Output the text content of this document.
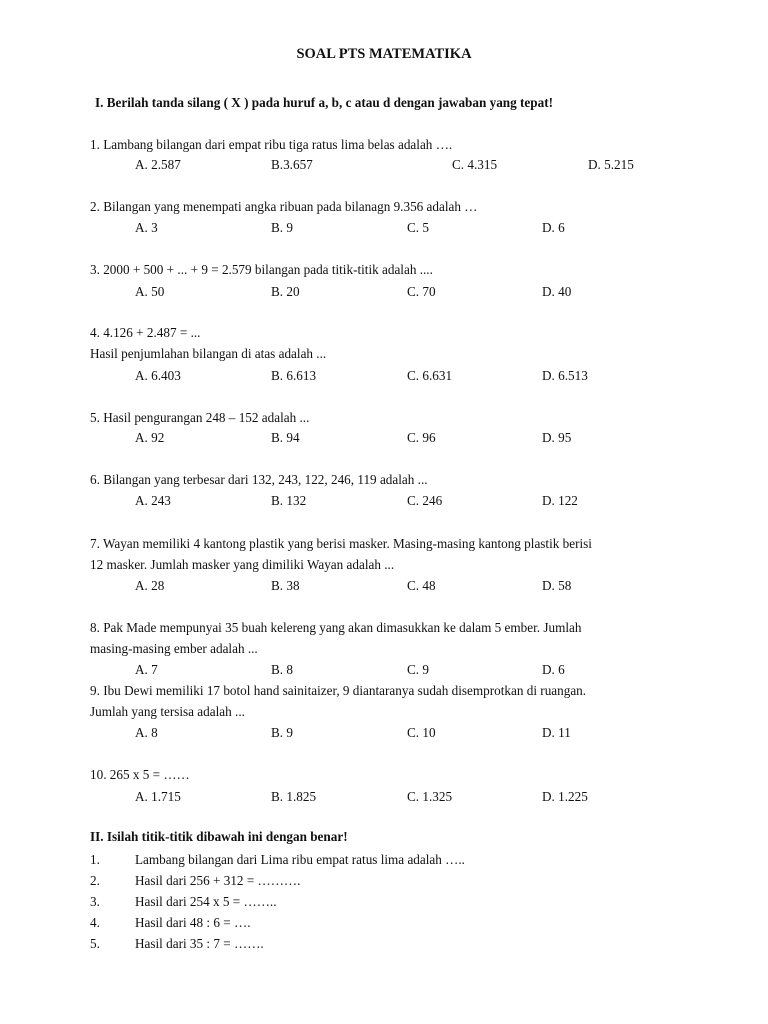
SOAL PTS MATEMATIKA
I. Berilah tanda silang ( X ) pada huruf a, b, c atau d dengan jawaban yang tepat!
1. Lambang bilangan dari empat ribu tiga ratus lima belas adalah ….
A. 2.587	B.3.657	C. 4.315	D. 5.215
2. Bilangan yang menempati angka ribuan pada bilanagn 9.356 adalah …
A. 3	B. 9	C. 5	D. 6
3. 2000 + 500 + ... + 9 = 2.579 bilangan pada titik-titik adalah ....
A. 50	B. 20	C. 70	D. 40
4. 4.126 + 2.487 = ...
Hasil penjumlahan bilangan di atas adalah ...
A. 6.403	B. 6.613	C. 6.631	D. 6.513
5. Hasil pengurangan 248 – 152 adalah ...
A. 92	B. 94	C. 96	D. 95
6. Bilangan yang terbesar dari 132, 243, 122, 246, 119 adalah ...
A. 243	B. 132	C. 246	D. 122
7. Wayan memiliki 4 kantong plastik yang berisi masker. Masing-masing kantong plastik berisi
12 masker. Jumlah masker yang dimiliki Wayan adalah ...
A. 28	B. 38	C. 48	D. 58
8. Pak Made mempunyai 35 buah kelereng yang akan dimasukkan ke dalam 5 ember. Jumlah
masing-masing ember adalah ...
A. 7	B. 8	C. 9	D. 6
9. Ibu Dewi memiliki 17 botol hand sainitaizer, 9 diantaranya sudah disemprotkan di ruangan.
Jumlah yang tersisa adalah ...
A. 8	B. 9	C. 10	D. 11
10. 265 x 5 = ……
A. 1.715	B. 1.825	C. 1.325	D. 1.225
II. Isilah titik-titik dibawah ini dengan benar!
1.	Lambang bilangan dari Lima ribu empat ratus lima adalah …..
2.	Hasil dari 256 + 312 = ……….
3.	Hasil dari 254 x 5 = ……..
4.	Hasil dari 48 : 6 = ….
5.	Hasil dari 35 : 7 = …….
